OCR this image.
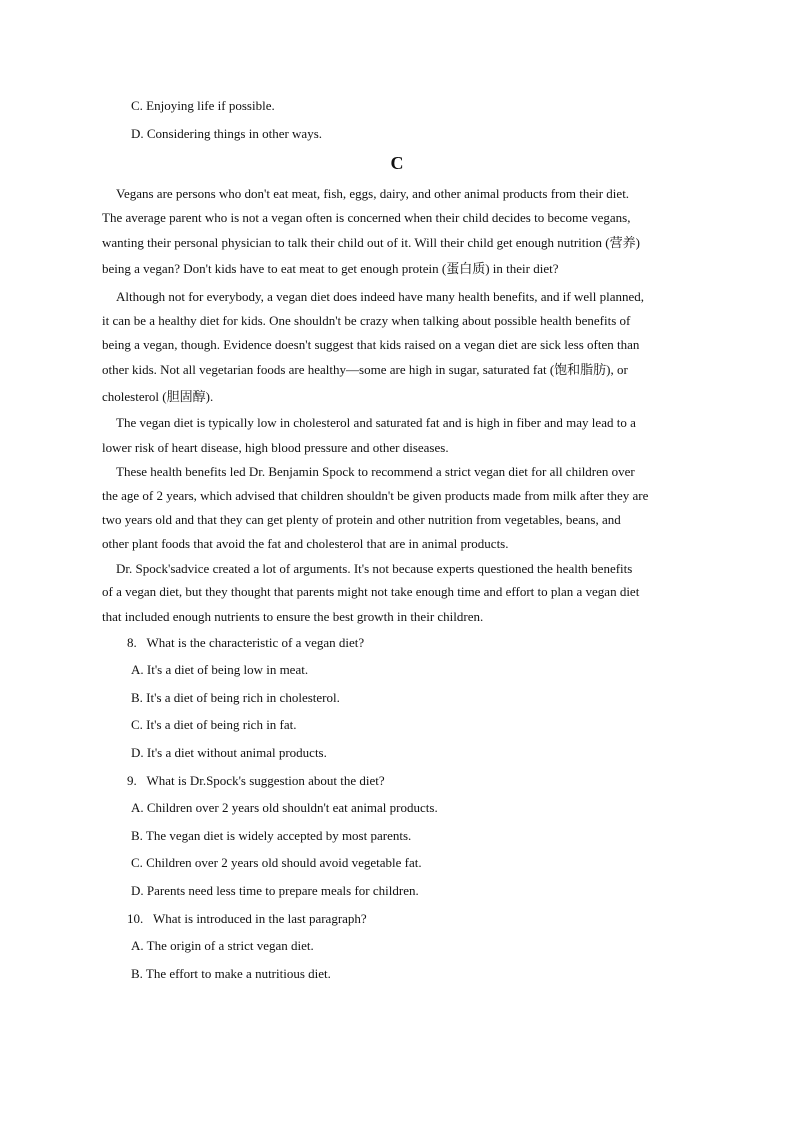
C. Enjoying life if possible.
D. Considering things in other ways.
C
Vegans are persons who don't eat meat, fish, eggs, dairy, and other animal products from their diet.
The average parent who is not a vegan often is concerned when their child decides to become vegans,
wanting their personal physician to talk their child out of it. Will their child get enough nutrition (营养)
being a vegan? Don't kids have to eat meat to get enough protein (蛋白质) in their diet?
Although not for everybody, a vegan diet does indeed have many health benefits, and if well planned,
it can be a healthy diet for kids. One shouldn't be crazy when talking about possible health benefits of
being a vegan, though. Evidence doesn't suggest that kids raised on a vegan diet are sick less often than
other kids. Not all vegetarian foods are healthy—some are high in sugar, saturated fat (饱和脂肪), or
cholesterol (胆固醇).
The vegan diet is typically low in cholesterol and saturated fat and is high in fiber and may lead to a
lower risk of heart disease, high blood pressure and other diseases.
These health benefits led Dr. Benjamin Spock to recommend a strict vegan diet for all children over
the age of 2 years, which advised that children shouldn't be given products made from milk after they are
two years old and that they can get plenty of protein and other nutrition from vegetables, beans, and
other plant foods that avoid the fat and cholesterol that are in animal products.
Dr. Spock'sadvice created a lot of arguments. It's not because experts questioned the health benefits
of a vegan diet, but they thought that parents might not take enough time and effort to plan a vegan diet
that included enough nutrients to ensure the best growth in their children.
8.   What is the characteristic of a vegan diet?
A. It's a diet of being low in meat.
B. It's a diet of being rich in cholesterol.
C. It's a diet of being rich in fat.
D. It's a diet without animal products.
9.   What is Dr.Spock's suggestion about the diet?
A. Children over 2 years old shouldn't eat animal products.
B. The vegan diet is widely accepted by most parents.
C. Children over 2 years old should avoid vegetable fat.
D. Parents need less time to prepare meals for children.
10.   What is introduced in the last paragraph?
A. The origin of a strict vegan diet.
B. The effort to make a nutritious diet.
